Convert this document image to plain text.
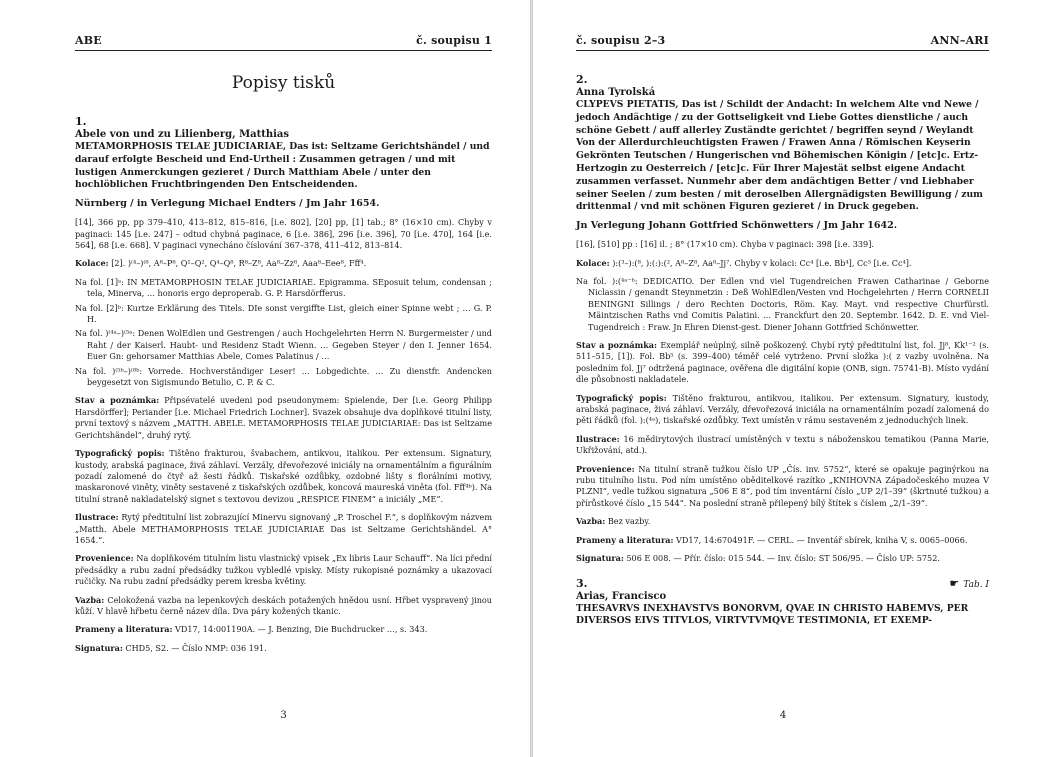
ABE	č. soupisu 1
Popisy tisků
1.
Abele von und zu Lilienberg, Matthias
METAMORPHOSIS TELAE JUDICIARIAE, Das ist: Seltzame Gerichtshändel / und darauf erfolgte Bescheid und End-Urtheil : Zusammen getragen / und mit lustigen Anmerckungen gezieret / Durch Matthiam Abele / unter den hochlöblichen Fruchtbringenden Den Entscheidenden.
Nürnberg / in Verlegung Michael Endters / Jm Jahr 1654.

[14], 366 pp, pp 379–410, 413–812, 815–816, [i.e. 802], [20] pp, [1] tab.; 8° (16×10 cm). Chyby v paginaci: 145 [i.e. 247] – odtud chybná paginace, 6 [i.e. 386], 296 [i.e. 396], 70 [i.e. 470], 164 [i.e. 564], 68 [i.e. 668]. V paginaci vynecháno číslování 367–378, 411–412, 813–814.

Kolace: [2]. )⁽⁴–)⁽⁸, A⁸–P⁸, Q¹–Q², Q⁴–Q⁸, R⁸–Z⁸, Aa⁸–Zz⁸, Aaa⁸–Eee⁸, Fff⁴.

Na fol. [1]ᵃ: IN METAMORPHOSIN TELAE JUDICIARIAE. Epigramma. SEposuit telum, condensan ; tela, Minerva, … honoris ergo deproperab. G. P. Harsdörfferus.

Na fol. [2]ᵇ: Kurtze Erklärung des Titels. DIe sonst vergiffte List, gleich einer Spinne webt ; … G. P. H.

Na fol. )⁽⁴ᵃ–)⁽⁵ᵃ: Denen WolEdlen und Gestrengen / auch Hochgelehrten Herrn N. Burgermeister / und Raht / der Kaiserl. Haubt- und Residenz Stadt Wienn. … Gegeben Steyer / den I. Jenner 1654. Euer Gn: gehorsamer Matthias Abele, Comes Palatinus / …

Na fol. )⁽⁵ᵇ–)⁽⁸ᵇ: Vorrede. Hochverständiger Leser! … Lobgedichte. … Zu dienstfr. Andencken beygesetzt von Sigismundo Betulio, C. P. & C.

Stav a poznámka: Připsévatelé uvedeni pod pseudonymem: Spielende, Der [i.e. Georg Philipp Harsdörffer]; Periander [i.e. Michael Friedrich Lochner]. Svazek obsahuje dva doplňkové titulní listy, první textový s názvem „MATTH. ABELE. METAMORPHOSIS TELAE JUDICIARIAE: Das ist Seltzame Gerichtshändel“, druhý rytý.

Typografický popis: Tištěno frakturou, švabachem, antikvou, italikou. Per extensum. Signatury, kustody, arabská paginace, živá záhlaví. Verzály, dřevořezové iniciály na ornamentálním a figurálním pozadí zalomené do čtyř až šesti řádků. Tiskařské ozdůbky, ozdobné lišty s florálními motivy, maskaronové viněty, viněty sestavené z tiskařských ozdůbek, koncová maureská viněta (fol. Fff⁴ᵇ). Na titulní straně nakladatelský signet s textovou devizou „RESPICE FINEM“ a iniciály „ME“.

Ilustrace: Rytý předtitulní list zobrazující Minervu signovaný „P. Troschel F.“, s doplňkovým názvem „Matth. Abele METHAMORPHOSIS TELAE JUDICIARIAE Das ist Seltzame Gerichtshändel. A° 1654.“.

Provenience: Na doplňkovém titulním listu vlastnický vpisek „Ex libris Laur Schauff“. Na líci přední předsádky a rubu zadní předsádky tužkou vybledlé vpisky. Místy rukopisné poznámky a ukazovací ručičky. Na rubu zadní předsádky perem kresba květiny.

Vazba: Celokožená vazba na lepenkových deskách potažených hnědou usní. Hřbet vyspravený jinou kůží. V hlavě hřbetu černě název díla. Dva páry kožených tkanic.

Prameny a literatura: VD17, 14:001190A. — J. Benzing, Die Buchdrucker …, s. 343.

Signatura: CHD5, S2. — Číslo NMP: 036 191.

3
č. soupisu 2–3	ANN–ARI
2.
Anna Tyrolská
CLYPEVS PIETATIS, Das ist / Schildt der Andacht: In welchem Alte vnd Newe / jedoch Andächtige / zu der Gottseligkeit vnd Liebe Gottes dienstliche / auch schöne Gebett / auff allerley Zuständte gerichtet / begriffen seynd / Weylandt Von der Allerdurchleuchtigsten Frawen / Frawen Anna / Römischen Keyserin Gekrönten Teutschen / Hungerischen vnd Böhemischen Königin / [etc]c. Ertz-Hertzogin zu Oesterreich / [etc]c. Für Ihrer Majestät selbst eigene Andacht zusammen verfasset. Nunmehr aber dem andächtigen Better / vnd Liebhaber seiner Seelen / zum besten / mit deroselben Allergnädigsten Bewilligung / zum drittenmal / vnd mit schönen Figuren gezieret / in Druck gegeben.
Jn Verlegung Johann Gottfried Schönwetters / Jm Jahr 1642.

[16], [510] pp : [16] il. ; 8° (17×10 cm). Chyba v paginaci: 398 [i.e. 339].

Kolace: ):(³–):(⁸, ):(:):(², A⁸–Z⁸, Aa⁸–Jj⁷. Chyby v kolaci: Cc⁴ [i.e. Bb⁴], Cc⁵ [i.e. Cc⁴].

Na fol. ):(⁴ᵃ⁻ᵇ: DEDICATIO. Der Edlen vnd viel Tugendreichen Frawen Catharinae / Geborne Niclassin / genandt Steynmetzin : Deß WohlEdlen/Vesten vnd Hochgelehrten / Herrn CORNELII BENINGNI Sillings / dero Rechten Doctoris, Röm. Kay. Mayt. vnd respective Churfürstl. Mäintzischen Raths vnd Comitis Palatini. … Franckfurt den 20. Septembr. 1642. D. E. vnd Viel-Tugendreich : Fraw. Jn Ehren Dienst-gest. Diener Johann Gottfried Schönwetter.

Stav a poznámka: Exemplář neúplný, silně poškozený. Chybí rytý předtitulní list, fol. Jj⁸, Kk¹⁻² (s. 511–515, [1]). Fol. Bb⁵ (s. 399–400) téměř celé vytrženo. První složka ):( z vazby uvolněna. Na posledním fol. Jj⁷ odtržená paginace, ověřena dle digitální kopie (ONB, sign. 75741-B). Místo vydání dle působnosti nakladatele.

Typografický popis: Tištěno frakturou, antikvou, italikou. Per extensum. Signatury, kustody, arabská paginace, živá záhlaví. Verzály, dřevořezová iniciála na ornamentálním pozadí zalomená do pěti řádků (fol. ):(⁴ᵃ), tiskařské ozdůbky. Text umístěn v rámu sestaveném z jednoduchých linek.

Ilustrace: 16 mědirytových ilustrací umístěných v textu s náboženskou tematikou (Panna Marie, Ukřižování, atd.).

Provenience: Na titulní straně tužkou číslo UP „Čís. inv. 5752“, které se opakuje paginýrkou na rubu titulního listu. Pod ním umístěno oběditelkové razítko „KNIHOVNA Západočeského muzea V PLZNI“, vedle tužkou signatura „506 E 8“, pod tím inventární číslo „UP 2/1–39“ (škrtnuté tužkou) a přírůstkové číslo „15 544“. Na poslední straně přilepený bílý štítek s číslem „2/1–39“.

Vazba: Bez vazby.

Prameny a literatura: VD17, 14:670491F. — CERL. — Inventář sbírek, kniha V, s. 0065–0066.

Signatura: 506 E 008. — Přír. číslo: 015 544. — Inv. číslo: ST 506/95. — Číslo UP: 5752.

3.	☛ Tab. I
Arias, Francisco
THESAVRVS INEXHAVSTVS BONORVM, QVAE IN CHRISTO HABEMVS, PER DIVERSOS EIVS TITVLOS, VIRTVTVMQVE TESTIMONIA, ET EXEMP-
4
